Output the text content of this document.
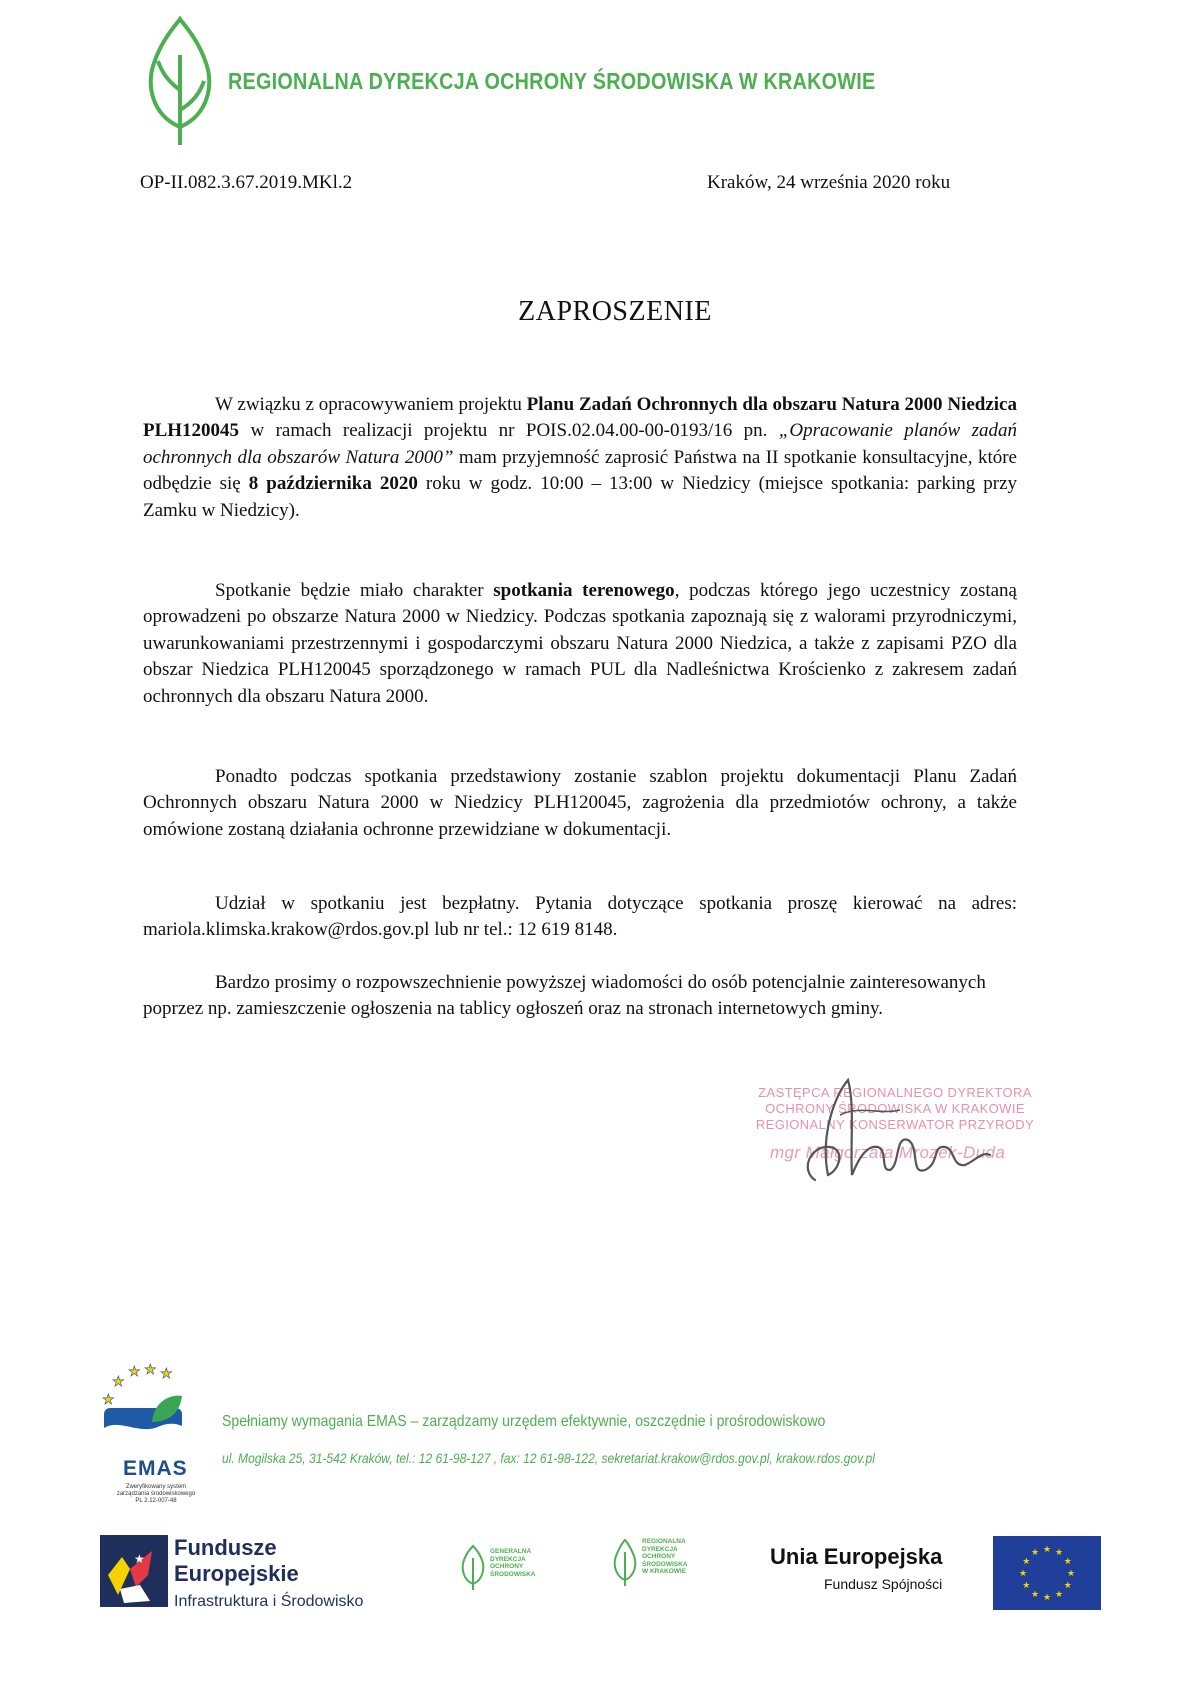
REGIONALNA DYREKCJA OCHRONY ŚRODOWISKA W KRAKOWIE
OP-II.082.3.67.2019.MKl.2	Kraków, 24 września 2020 roku
ZAPROSZENIE

W związku z opracowywaniem projektu Planu Zadań Ochronnych dla obszaru Natura 2000 Niedzica PLH120045 w ramach realizacji projektu nr POIS.02.04.00-00-0193/16 pn. „Opracowanie planów zadań ochronnych dla obszarów Natura 2000” mam przyjemność zaprosić Państwa na II spotkanie konsultacyjne, które odbędzie się 8 października 2020 roku w godz. 10:00 – 13:00 w Niedzicy (miejsce spotkania: parking przy Zamku w Niedzicy).

Spotkanie będzie miało charakter spotkania terenowego, podczas którego jego uczestnicy zostaną oprowadzeni po obszarze Natura 2000 w Niedzicy. Podczas spotkania zapoznają się z walorami przyrodniczymi, uwarunkowaniami przestrzennymi i gospodarczymi obszaru Natura 2000 Niedzica, a także z zapisami PZO dla obszar Niedzica PLH120045 sporządzonego w ramach PUL dla Nadleśnictwa Krościenko z zakresem zadań ochronnych dla obszaru Natura 2000.

Ponadto podczas spotkania przedstawiony zostanie szablon projektu dokumentacji Planu Zadań Ochronnych obszaru Natura 2000 w Niedzicy PLH120045, zagrożenia dla przedmiotów ochrony, a także omówione zostaną działania ochronne przewidziane w dokumentacji.

Udział w spotkaniu jest bezpłatny. Pytania dotyczące spotkania proszę kierować na adres: mariola.klimska.krakow@rdos.gov.pl lub nr tel.: 12 619 8148.

Bardzo prosimy o rozpowszechnienie powyższej wiadomości do osób potencjalnie zainteresowanych poprzez np. zamieszczenie ogłoszenia na tablicy ogłoszeń oraz na stronach internetowych gminy.

ZASTĘPCA REGIONALNEGO DYREKTORA
OCHRONY ŚRODOWISKA W KRAKOWIE
REGIONALNY KONSERWATOR PRZYRODY
mgr Małgorzata Mrozek-Duda
★
★ ★ ★
★
EMAS
Zweryfikowany system zarządzania środowiskowego PL 2.12-007-48
Spełniamy wymagania EMAS – zarządzamy urzędem efektywnie, oszczędnie i prośrodowiskowo
ul. Mogilska 25, 31-542 Kraków, tel.: 12 61-98-127 , fax: 12 61-98-122, sekretariat.krakow@rdos.gov.pl, krakow.rdos.gov.pl
★ Fundusze
Europejskie
Infrastruktura i Środowisko
GENERALNA DYREKCJA OCHRONY ŚRODOWISKA
REGIONALNA DYREKCJA OCHRONY ŚRODOWISKA W KRAKOWIE
Unia Europejska
Fundusz Spójności
★
★
★
★
★
★
★
★
★ ★ ★
★
